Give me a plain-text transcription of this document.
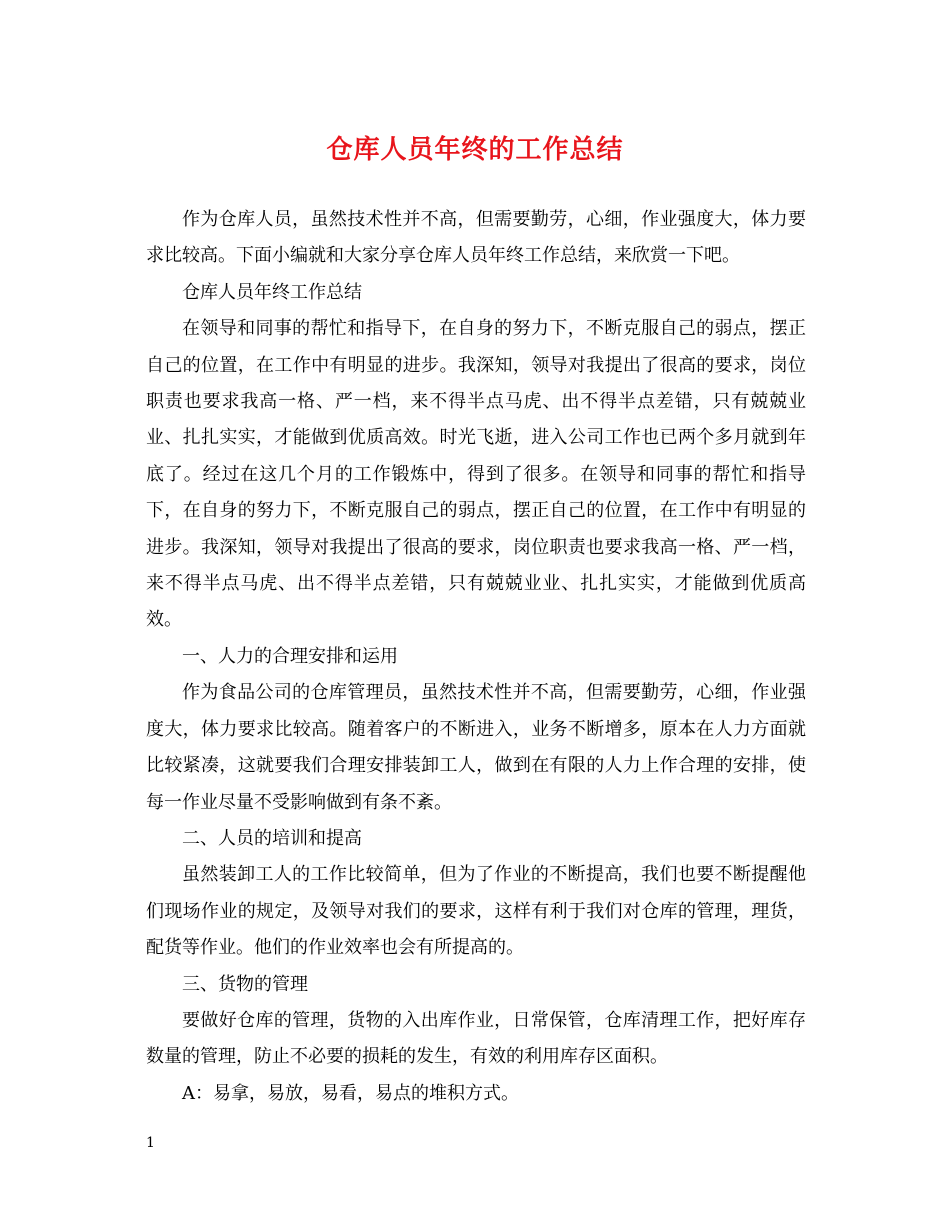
仓库人员年终的工作总结

作为仓库人员，虽然技术性并不高，但需要勤劳，心细，作业强度大，体力要求比较高。下面小编就和大家分享仓库人员年终工作总结，来欣赏一下吧。

仓库人员年终工作总结

在领导和同事的帮忙和指导下，在自身的努力下，不断克服自己的弱点，摆正自己的位置，在工作中有明显的进步。我深知，领导对我提出了很高的要求，岗位职责也要求我高一格、严一档，来不得半点马虎、出不得半点差错，只有兢兢业业、扎扎实实，才能做到优质高效。时光飞逝，进入公司工作也已两个多月就到年底了。经过在这几个月的工作锻炼中，得到了很多。在领导和同事的帮忙和指导下，在自身的努力下，不断克服自己的弱点，摆正自己的位置，在工作中有明显的进步。我深知，领导对我提出了很高的要求，岗位职责也要求我高一格、严一档，来不得半点马虎、出不得半点差错，只有兢兢业业、扎扎实实，才能做到优质高效。

一、人力的合理安排和运用

作为食品公司的仓库管理员，虽然技术性并不高，但需要勤劳，心细，作业强度大，体力要求比较高。随着客户的不断进入，业务不断增多，原本在人力方面就比较紧凑，这就要我们合理安排装卸工人，做到在有限的人力上作合理的安排，使每一作业尽量不受影响做到有条不紊。

二、人员的培训和提高

虽然装卸工人的工作比较简单，但为了作业的不断提高，我们也要不断提醒他们现场作业的规定，及领导对我们的要求，这样有利于我们对仓库的管理，理货，配货等作业。他们的作业效率也会有所提高的。

三、货物的管理

要做好仓库的管理，货物的入出库作业，日常保管，仓库清理工作，把好库存数量的管理，防止不必要的损耗的发生，有效的利用库存区面积。

A：易拿，易放，易看，易点的堆积方式。

1
